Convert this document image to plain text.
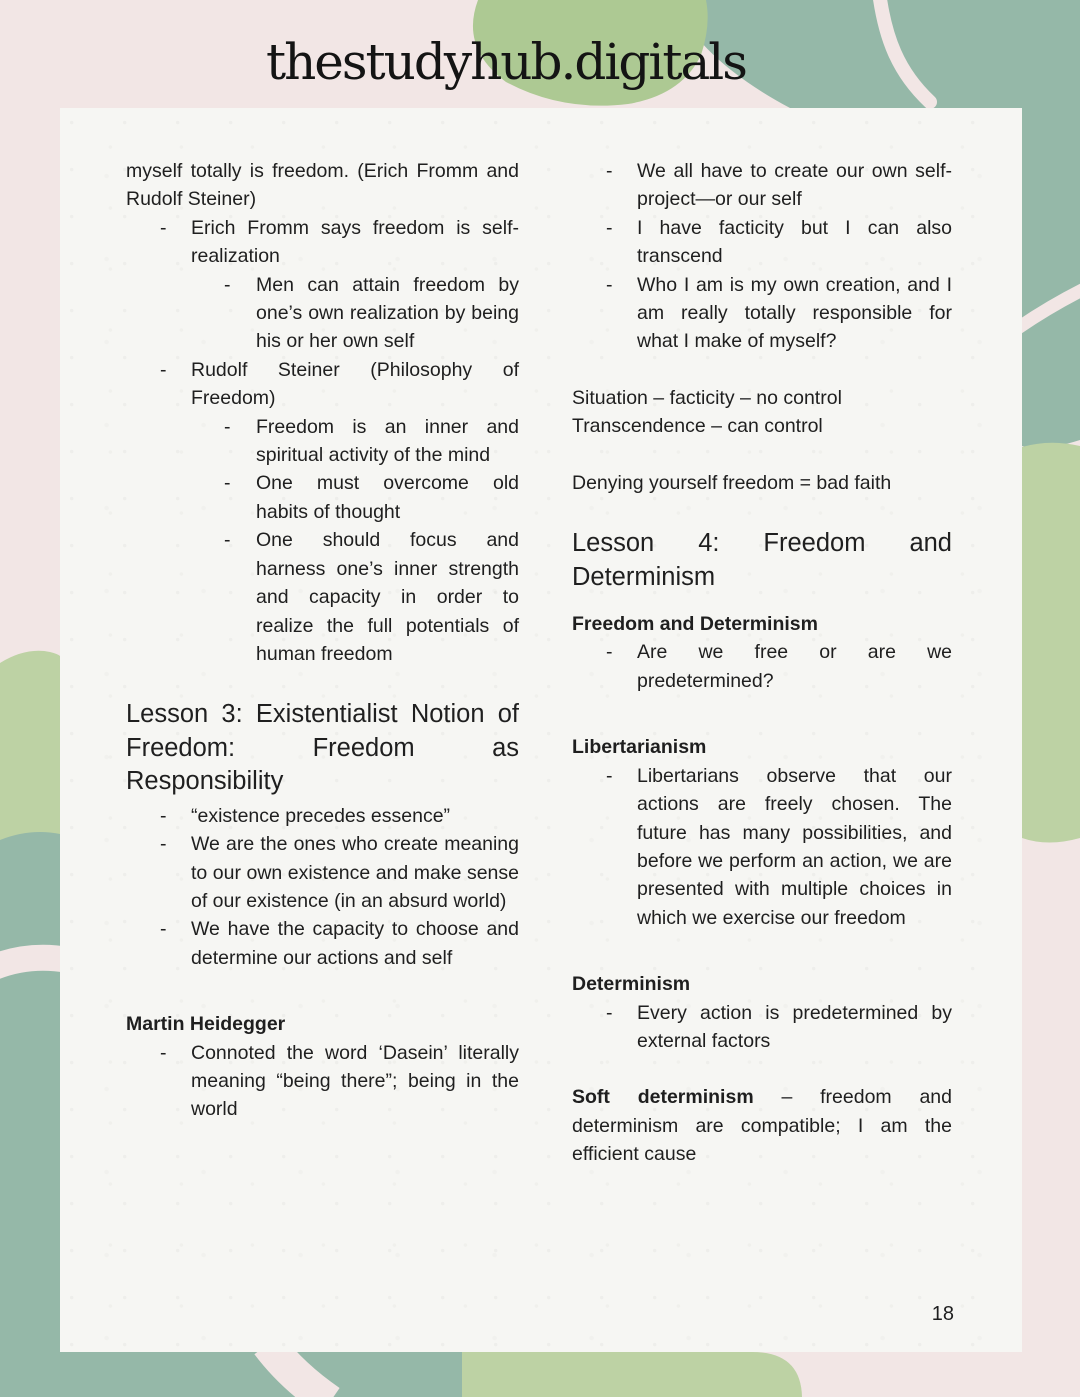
thestudyhub.digitals
myself totally is freedom. (Erich Fromm and Rudolf Steiner)
- Erich Fromm says freedom is self-realization
- Men can attain freedom by one’s own realization by being his or her own self
- Rudolf Steiner (Philosophy of Freedom)
- Freedom is an inner and spiritual activity of the mind
- One must overcome old habits of thought
- One should focus and harness one’s inner strength and capacity in order to realize the full potentials of human freedom
Lesson 3: Existentialist Notion of Freedom: Freedom as Responsibility
- “existence precedes essence”
- We are the ones who create meaning to our own existence and make sense of our existence (in an absurd world)
- We have the capacity to choose and determine our actions and self
Martin Heidegger
- Connoted the word ‘Dasein’ literally meaning “being there”; being in the world
- We all have to create our own self-project—or our self
- I have facticity but I can also transcend
- Who I am is my own creation, and I am really totally responsible for what I make of myself?
Situation – facticity – no control
Transcendence – can control
Denying yourself freedom = bad faith
Lesson 4: Freedom and Determinism
Freedom and Determinism
- Are we free or are we predetermined?
Libertarianism
- Libertarians observe that our actions are freely chosen. The future has many possibilities, and before we perform an action, we are presented with multiple choices in which we exercise our freedom
Determinism
- Every action is predetermined by external factors
Soft determinism – freedom and determinism are compatible; I am the efficient cause
18
